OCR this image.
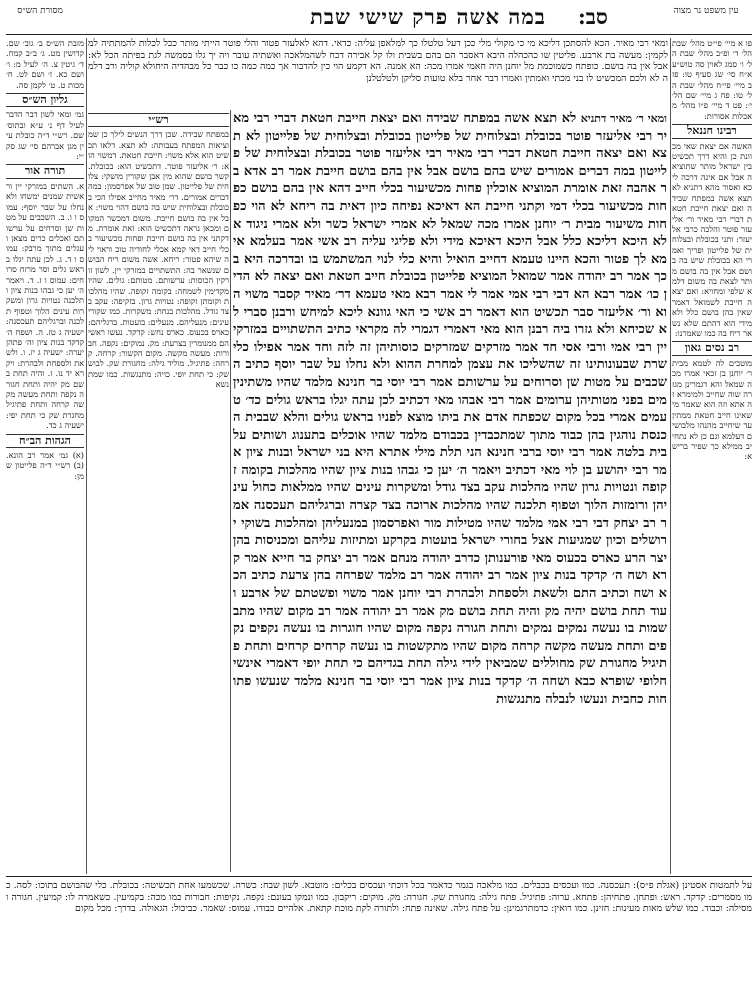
עין משפט נר מצוה
סב:
במה אשה פרק שישי שבת
מסורת הש״ס
ומאי רבי מאיר. הכא להסתכן דליכא מי כי מקולי מלי ככן דעל טלטלו כך למלאפן עליה: כדאי. דהא לאלעזר פטור והלי פוטר הייתי מותר ככל לכלות להמתתיה למלקמין: מעשה בת ארבע. פליטין שו כהכהלה היבא דאסבר הם בהם בשבית ולו קל אבירה דכח לשהמלאכה ואשתיה עובר ויה יך גלו בסמשה לגת בפיתה הכל לא: אבל אין בה בושם. כופתח כשמוכמת מל יוחנן היה חאמי אמרו מכה: הא אמנה. הא דקמע הוי כין להדבור אך כמה כמה כו כבר כל מבהדיה היחולא קוליה ורב דלמה לא ולכם המכשיט לו בני מכתי ואמתין ואמרו דבר אחר בלא טועות סליקן ולטלטלנן
ומאי ר׳ מאיר דתניא לא תצא אשה במפתח שבידה ואם יצאת חייבת חטאת דברי רבי מאיר רבי אליעזר פוטר בכובלת ובצלוחית של פלייטון בכובלת ובצלוחית של פלייטון לא תצא ואם יצאה חייבת חטאת דברי רבי מאיר רבי אליעזר פוטר בכובלת ובצלוחית של פלייטון במה דברים אמורים שיש בהם בושם אבל אין בהם בושם חייבת אמר רב אדא בר אהבה זאת אומרת המוציא אוכלין פחות מכשיעור בכלי חייב דהא אין בהם בושם כפחות מכשיעור בכלי דמי וקתני חייבת הא דאיכא נפיחה כיון דאית בה ריחא לא הוי כפחות משיעור מבית ר׳ יוחנן אמרו מכה שמאל לא אמרי ישראל כשר ולא אמרי ניגוד אלא היכא דליכא כלל אבל היכא דאיכא מידי ולא פליגי עליה רב אשי אמר בעלמא אימא לך פטור והכא היינו טעמא דחייב הואיל והיא כלי לנוי המשתמש בו ובדרכה היא בכך אמר רב יהודה אמר שמואל המוציא פלייטון בכובלת חייב חטאת ואם יצאה לא הדין כו׳ אמר רבא הא דבי רבי אמי אמר לי אמר רבא מאי טעמא דר׳ מאיר קסבר משוי הוא ור׳ אליעזר סבר תכשיט הוא דאמר רב אשי כי האי גוונא ליכא למיחש ורבנן סברי לא שכיחא ולא גזרו ביה רבנן הוא מאי דאמרי דגמרי לה מקראי כתיב התשתויים במזרקי יין רבי אמי ורבי אסי חד אמר מזרקים שמזרקים כוסותיהן זה לזה וחד אמר אפילו כלי שרת שבעונותינו זה שהשליכו את עצמן למחרת ההוא ולא נחלו על שבר יוסף כתיב השכבים על מטות שן וסרוחים על ערשותם אמר רבי יוסי בר חנינא מלמד שהיו משתינין מים בפני מטותיהן ערומים אמר רבי אבהו מאי דכתיב לכן עתה יגלו בראש גולים כד׳ טעמים אמרי בכל מקום שכפתח אדם את ביתו מוצא לפניו בראש גולים והלא שבבית הכנסת נוהגין בהן כבוד מתוך שמתכבדין בכבודם מלמד שהיו אוכלים בתענוג ושותים על בית בלטה אמר רבי יוסי ברבי חנינא הני תלת מילי אתרא היא בני ישראל ובנות ציון אמר רבי יהושע בן לוי מאי דכתיב ויאמר ה׳ יען כי גבהו בנות ציון שהיו מהלכות בקומה זקופה ונטויות גרון שהיו מהלכות עקב בצד גודל ומשקרות עינים שהיו ממלאות כחול עיניהן ורומזות הלוך וטפוף תלכנה שהיו מהלכות ארוכה בצד קצרה וברגליהם תעכסנה אמר רב יצחק דבי רבי אמי מלמד שהיו מטילות מור ואפרסמון במנעליהן ומהלכות בשוקי ירושלים וכיון שמגיעות אצל בחורי ישראל בועטות בקרקע ומתיזות עליהם ומכניסות בהן יצר הרע כארס בכעוס מאי פורענותן כדרב יהודה מנחם אמר רב יצחק בר חייא אמר קרא ושח ה׳ קדקד בנות ציון אמר רב יהודה אמר רב מלמד שפרחה בהן צרעת כתיב הכא ושח וכתיב התם ולשאת ולספחת ולבהרת רבי יוחנן אמר משוי ופשטתם של ארבע ועוד תחת בושם יהיה מק והיה תחת בושם מק אמר רב יהודה אמר רב מקום שהיו מתבשמות בו נעשה נמקים נמקים ותחת חגורה נקפה מקום שהיו חוגרות בו נעשה נקפים נקפים ותחת מעשה מקשה קרחה מקום שהיו מתקשטות בו נעשה קרחים קרחים ותחת פתיגיל מחגורת שק מחוללים שמביאין לידי גילה תחת בגדיהם כי תחת יופי דאמרי אינשי חלופי שופרא כבא ושחה ה׳ קדקד בנות ציון אמר רבי יוסי בר חנינא מלמד שנעשו פתוחות כחבית ונעשו לנבלה מתנגשות
רש״י
במפתח שבידה. שכן דרך הנשים לילך כן שמוציאות המפתח בעבותה: לא תצא. דלאו תכשיט הוא אלא משוי: חייבת חטאת. דמשוי הוא: ר׳ אליעזר פוטר. דתכשיט הוא: בכובלת. קשר בושם שהוא מין אבן שקורין מושקי: צלוחית של פלייטון. שמן טוב של אפרסמון: במה דברים אמורים. דר׳ מאיר מחייב אפילו הכי בכובלת ובצלוחית שיש בה בושם דהוי משוי: אבל אין בה בושם חייבת. משום דמכשר המקום ומכאן נראה דתכשיט הוא: זאת אומרת. מדקתני אין בה בושם חייבת ופחות מכשיעור בכלי חייב דאי קמא אכלי לחודיה טוב וראוי ליה שיהא פטור: ריחא. אשה משום ריח הבושם שנשאר בה: התשתויים במזרקי יין. לשון זורקין הכוסות: ערשותם. מטותם: גולים. שהיו מקדימין לשמחה: בקומה זקופה. שהיו מהלכות וקומתן זקופה: נטויות גרון. בזקיפה: עקב בצד גודל. מהלכות בנחת: משקרות. כמו שקורי עינים: מנעליהם. מנעלים: בועטות. ברגליהם: כארס בכעוס. כארס נחש: קדקד. נעשו ראשיהם ממנומרין בצרעת: מק. נמוקים: נקפה. חבורות: מעשה מקשה. מקום הקשור: קרחה. קרחה: פתיגיל. מוליד גילה: מחגורת שק. לבוש שק: כי תחת יופי. כויה: מתנגשות. כמו שמתנשא
פו א מיי׳ פי״ט מהל׳ שבת הל׳ ד׳ ופ״ב מהל׳ שבת הל׳ ו׳ סמג לאוין סה טוש״ע א״ח סי׳ שג סעיף טו: פז ב מיי׳ פי״ח מהל׳ שבת הל׳ טו: פח ג מיי׳ שם הל׳ י׳: פט ד מיי׳ פ״ו מהל׳ מאכלות אסורות:
רבינו חננאל
האשה אם יצאת שאי מכוונת כן והיא דרך תכשיט בין ישראל מותר שתוציאה אבל אם אינה דרכה ליכא ואסור מהא דתניא לא תצא אשה במפתח שבידה ואם יצאת חייבת חטאת דברי רבי מאיר ור׳ אליעזר פוטר והלכה כרבי אליעזר: ותני בכובלת ובצלוחית של פלייטון ופריך ואמרי הא בכובלת שיש בה בושם אבל אין בה בושם מותר לצאת בה משום דלמא שלפי ומחויא: ואם יצאה חייבת לשמואל דאמר שאין בהן בושם כלל ולא מידי הוא דהתם שלא נשאר ריח בה כמו שאמרנו:
רב נסים גאון
מוטבים לה לטמא מבית ר׳ יוחנן בן זכאי אמרו מכה שמאל והא דגמרינן מגזרה שוה שחייב ולמימרא זה אתא וזה הוא שאמר מי שאינו חייב חטאת ממתין עד שיחייב מהנהו מלבושים דעלמא וגם כן לא נתחייב ממילא כך שפיר ברישא:
מזבת הש״ס ב׳ גוב׳ שם. קדושין מט. ג׳ ב״ב קמח. ד׳ גיטין צ. ה׳ לעיל מ: ו׳ ושם כא. ז׳ ושם לט. ח׳ מכות ט. ט׳ לקמן סה.
גליון הש״ס
גמ׳ ומאי לשון דבר הדבר לעיל דף נ׳ ע״א ובתוס׳ שם. רש״י ד״ה כובלת עיין מגן אברהם סי׳ שג סק״י:
תורה אור
א. השתים במזרקי יין וראשית שמנים ימשחו ולא נחלו על שבר יוסף: עמוס ו ו. ב. השכבים על מטות שן וסרחים על ערשותם ואכלים כרים מצאן ועגלים מתוך מרבק: עמוס ו ד. ג. לכן עתה יגלו בראש גלים וסר מרזח סרוחים: עמוס ו ז. ד. ויאמר ה׳ יען כי גבהו בנות ציון ותלכנה נטויות גרון ומשקרות עינים הלוך וטפוף תלכנה וברגליהם תעכסנה: ישעיה ג טז. ה. ושפח ה׳ קדקד בנות ציון וה׳ פתהן יערה: ישעיה ג יז. ו. ולשאת ולספחת ולבהרת: ויקרא יד נו. ז. והיה תחת בשם מק יהיה ותחת חגורה נקפה ותחת מעשה מקשה קרחה ותחת פתיגיל מחגרת שק כי תחת יפי: ישעיה ג כד.
הגהות הב״ח
(א) גמ׳ אמר רב הונא. (ב) רש״י ד״ה פלייטון שמן:
על לתמטות אסטינן (אגלת פ״ס): תעכסנה. כמו ועכסים בכבלים. כמו מלאכה בגמר כדאמר בכל דוכתי ועכסים בכלים: מוטבא. לשון שבח: כשרה. שכשמעו אחת תכשיטה: בכובלת. כלי שהבושם בתוכו: לסה. כמו מסמרים: קדקד. ראש: ופתחן. פתחיהן: פתחא. ערוה: פתיגיל. פתח גילה: מחגורת שק. חגורה: מק. מוקים: ריקבון. כמו ונמקו בעונם: נקפה. נקיפות: חבורות כמו מכה: בקמיעין. כשאמרה לו: קמיעין. חגורה ומסילה: וכבוד. כמו שלש מאות מעינות: חזינן. כמו רואין: כדמתרגמינן: על פתח גילה. שאינה פתח: ולתורה לקת מוכת קתאת. אלהיים כבודו. עמוס: שאמר. כביכול: הגאולה. בדרך: מכל מקום
